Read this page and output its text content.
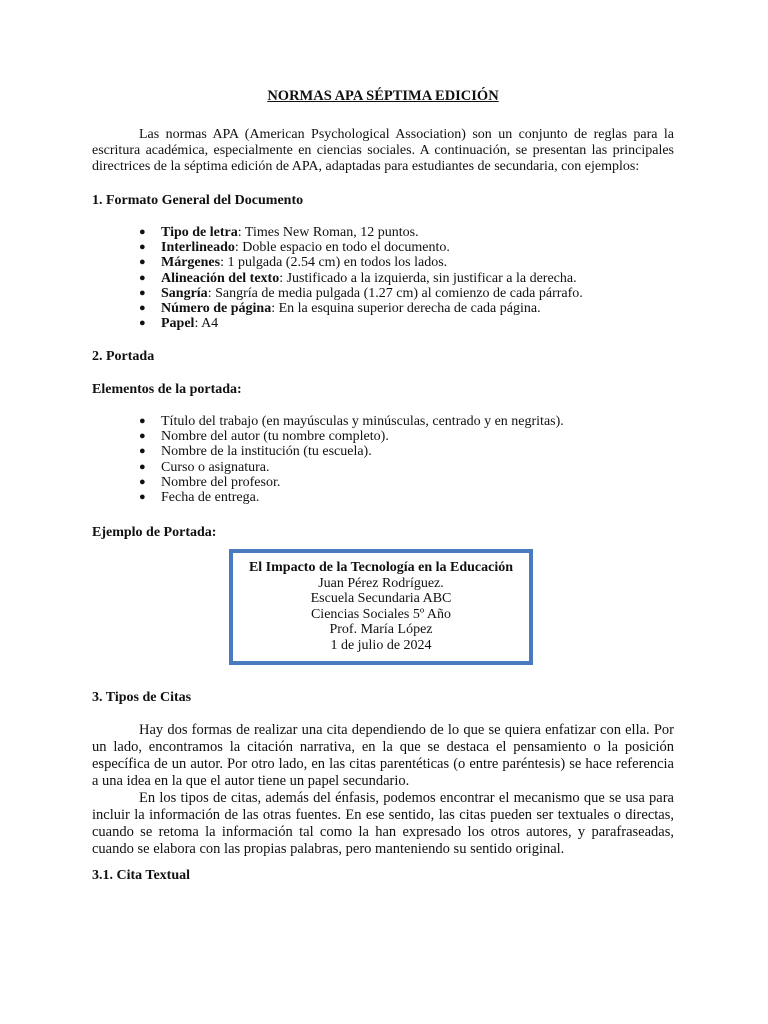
NORMAS APA SÉPTIMA EDICIÓN

Las normas APA (American Psychological Association) son un conjunto de reglas para la escritura académica, especialmente en ciencias sociales. A continuación, se presentan las principales directrices de la séptima edición de APA, adaptadas para estudiantes de secundaria, con ejemplos:

1. Formato General del Documento
● Tipo de letra: Times New Roman, 12 puntos.
● Interlineado: Doble espacio en todo el documento.
● Márgenes: 1 pulgada (2.54 cm) en todos los lados.
● Alineación del texto: Justificado a la izquierda, sin justificar a la derecha.
● Sangría: Sangría de media pulgada (1.27 cm) al comienzo de cada párrafo.
● Número de página: En la esquina superior derecha de cada página.
● Papel: A4
2. Portada
Elementos de la portada:
● Título del trabajo (en mayúsculas y minúsculas, centrado y en negritas).
● Nombre del autor (tu nombre completo).
● Nombre de la institución (tu escuela).
● Curso o asignatura.
● Nombre del profesor.
● Fecha de entrega.
Ejemplo de Portada:
El Impacto de la Tecnología en la Educación
Juan Pérez Rodríguez.
Escuela Secundaria ABC
Ciencias Sociales 5º Año
Prof. María López
1 de julio de 2024
3. Tipos de Citas

Hay dos formas de realizar una cita dependiendo de lo que se quiera enfatizar con ella. Por un lado, encontramos la citación narrativa, en la que se destaca el pensamiento o la posición específica de un autor. Por otro lado, en las citas parentéticas (o entre paréntesis) se hace referencia a una idea en la que el autor tiene un papel secundario.

En los tipos de citas, además del énfasis, podemos encontrar el mecanismo que se usa para incluir la información de las otras fuentes. En ese sentido, las citas pueden ser textuales o directas, cuando se retoma la información tal como la han expresado los otros autores, y parafraseadas, cuando se elabora con las propias palabras, pero manteniendo su sentido original.

3.1. Cita Textual
